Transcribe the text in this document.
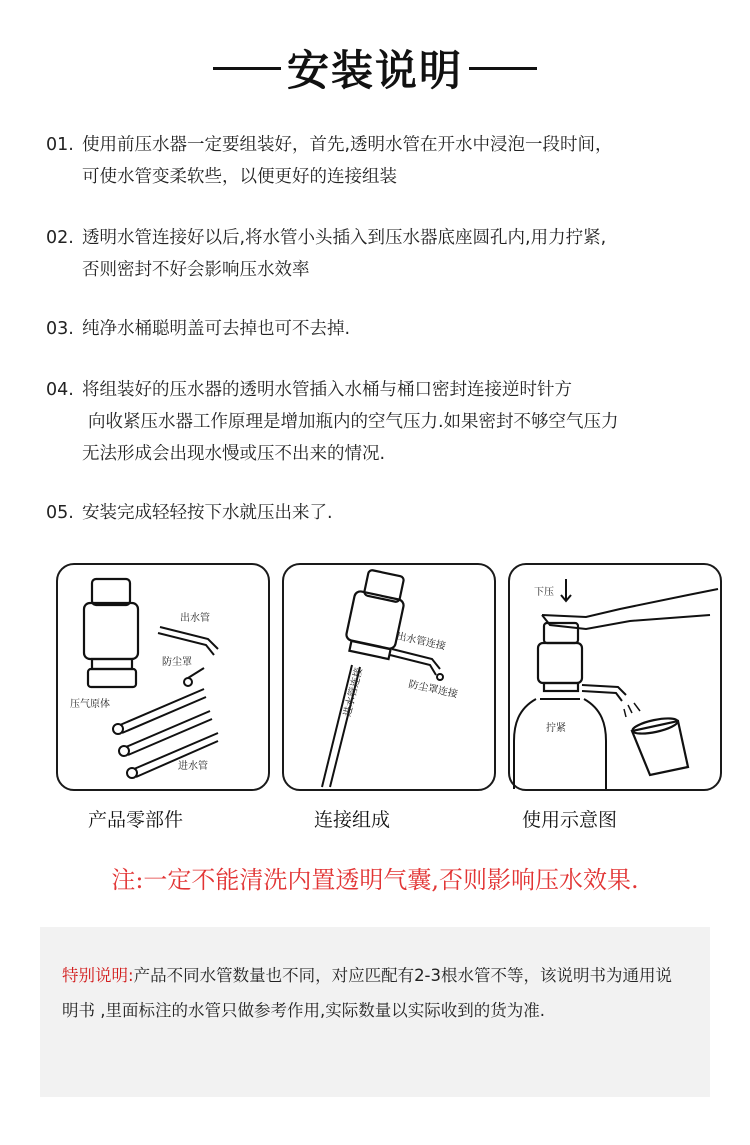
安装说明
01. 使用前压水器一定要组装好，首先,透明水管在开水中浸泡一段时间，
可使水管变柔软些，以便更好的连接组装
02. 透明水管连接好以后,将水管小头插入到压水器底座圆孔内,用力拧紧,
否则密封不好会影响压水效率
03. 纯净水桶聪明盖可去掉也可不去掉.
04. 将组装好的压水器的透明水管插入水桶与桶口密封连接逆时针方
向收紧压水器工作原理是增加瓶内的空气压力.如果密封不够空气压力
无法形成会出现水慢或压不出来的情况.
05. 安装完成轻轻按下水就压出来了.
出水管
防尘罩
压气原体
进水管
出水管连接
防尘罩连接
进水管连接
下压
拧紧
产品零部件	连接组成	使用示意图
注:一定不能清洗内置透明气囊,否则影响压水效果.
特别说明:产品不同水管数量也不同，对应匹配有2-3根水管不等，该说明书为通用说明书 ,里面标注的水管只做参考作用,实际数量以实际收到的货为准.
